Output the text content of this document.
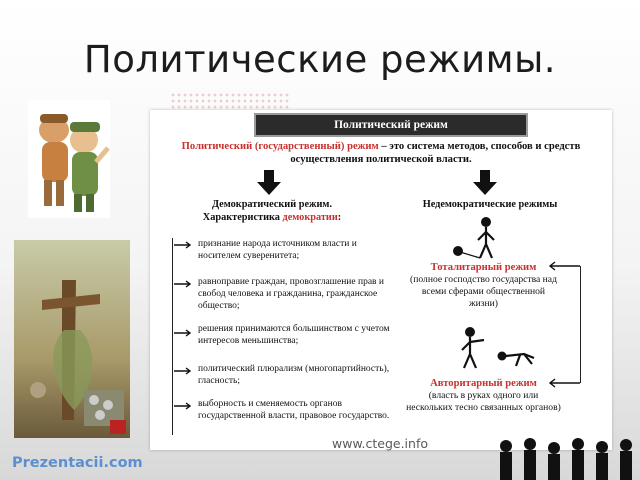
Политические режимы.
Политический режим
Политический (государственный) режим – это система методов, способов и средств осуществления политической власти.
Демократический режим.
Характеристика демократии:
признание народа источником власти и носителем суверенитета;
равноправие граждан, провозглашение прав и свобод человека и гражданина, гражданское общество;
решения принимаются большинством с учетом интересов меньшинства;
политический плюрализм (многопартийность), гласность;
выборность и сменяемость органов государственной власти, правовое государство.
Недемократические режимы
Тоталитарный режим
(полное господство государства над всеми сферами общественной жизни)
Авторитарный режим
(власть в руках одного или нескольких тесно связанных органов)
www.ctege.info
Prezentacii.com
